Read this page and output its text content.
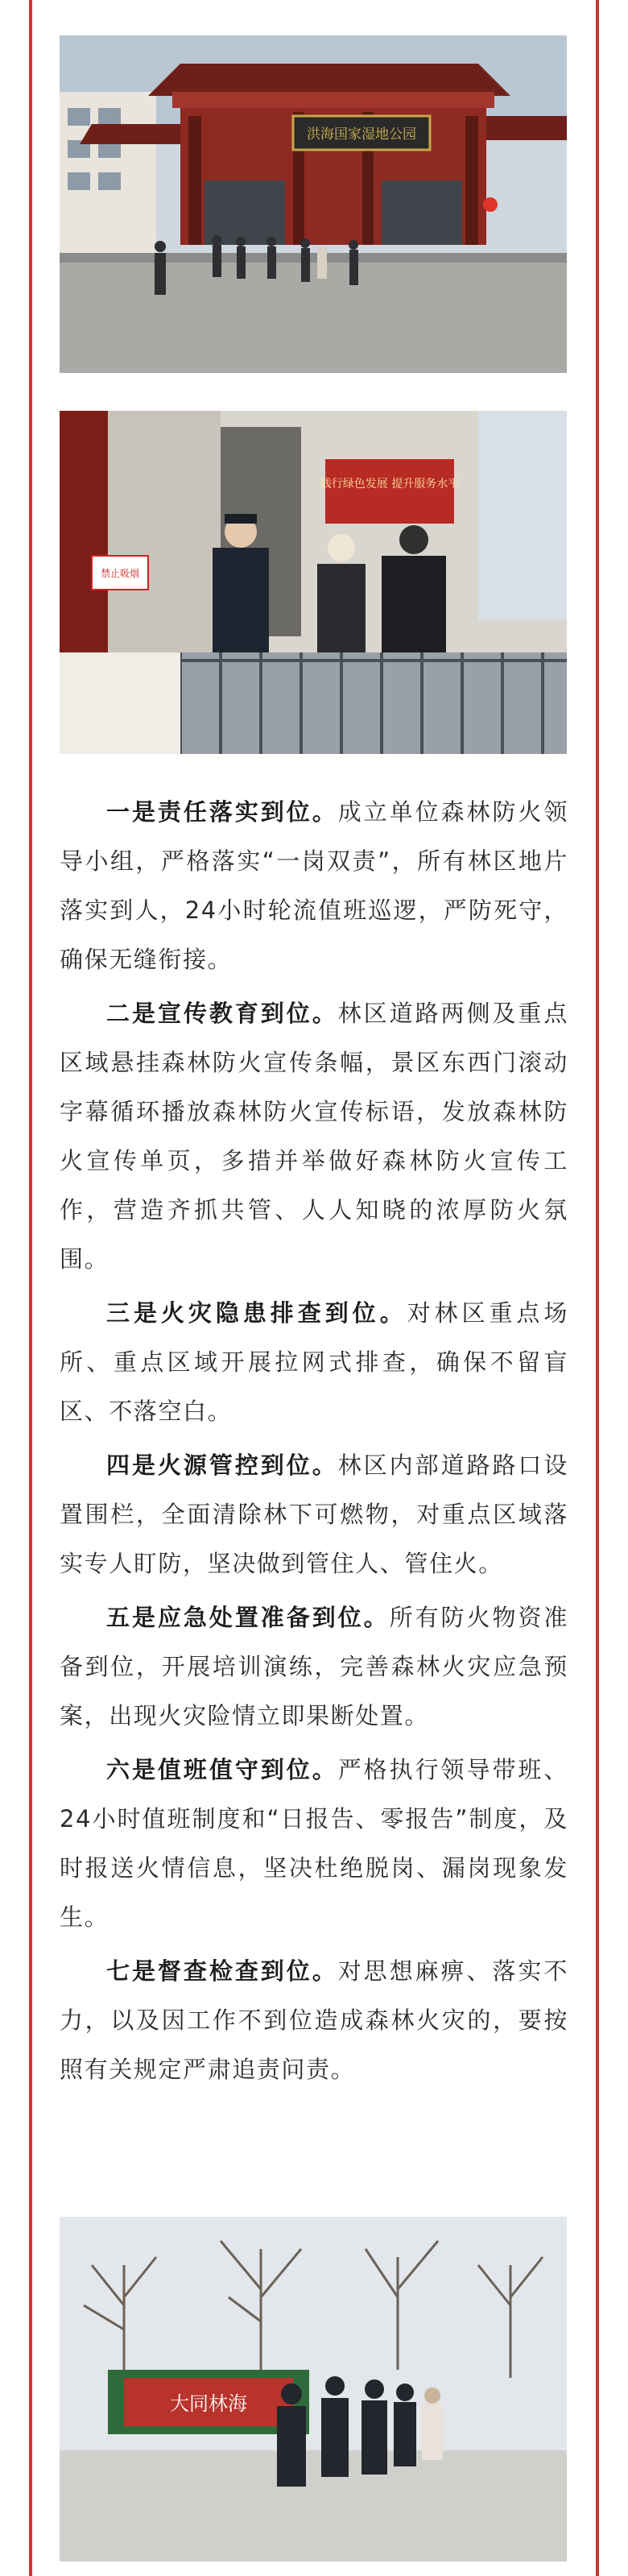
洪海国家湿地公园
践行绿色发展 提升服务水平
禁止吸烟

一是责任落实到位。成立单位森林防火领导小组，严格落实“一岗双责”，所有林区地片落实到人，24小时轮流值班巡逻，严防死守，确保无缝衔接。

二是宣传教育到位。林区道路两侧及重点区域悬挂森林防火宣传条幅，景区东西门滚动字幕循环播放森林防火宣传标语，发放森林防火宣传单页，多措并举做好森林防火宣传工作，营造齐抓共管、人人知晓的浓厚防火氛围。

三是火灾隐患排查到位。对林区重点场所、重点区域开展拉网式排查，确保不留盲区、不落空白。

四是火源管控到位。林区内部道路路口设置围栏，全面清除林下可燃物，对重点区域落实专人盯防，坚决做到管住人、管住火。

五是应急处置准备到位。所有防火物资准备到位，开展培训演练，完善森林火灾应急预案，出现火灾险情立即果断处置。

六是值班值守到位。严格执行领导带班、24小时值班制度和“日报告、零报告”制度，及时报送火情信息，坚决杜绝脱岗、漏岗现象发生。

七是督查检查到位。对思想麻痹、落实不力，以及因工作不到位造成森林火灾的，要按照有关规定严肃追责问责。

大同林海
